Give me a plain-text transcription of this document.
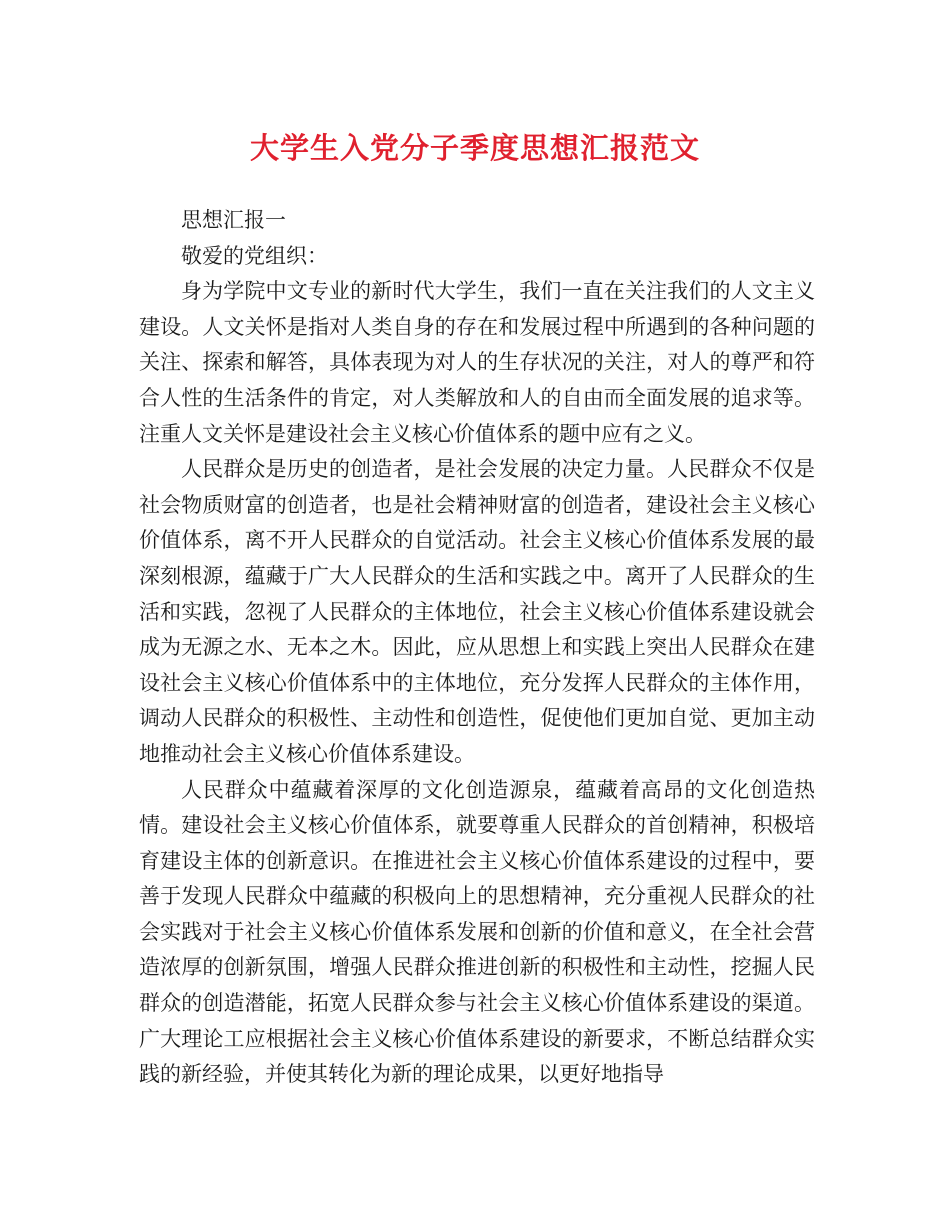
大学生入党分子季度思想汇报范文

思想汇报一

敬爱的党组织：

身为学院中文专业的新时代大学生，我们一直在关注我们的人文主义建设。人文关怀是指对人类自身的存在和发展过程中所遇到的各种问题的关注、探索和解答，具体表现为对人的生存状况的关注，对人的尊严和符合人性的生活条件的肯定，对人类解放和人的自由而全面发展的追求等。注重人文关怀是建设社会主义核心价值体系的题中应有之义。

人民群众是历史的创造者，是社会发展的决定力量。人民群众不仅是社会物质财富的创造者，也是社会精神财富的创造者，建设社会主义核心价值体系，离不开人民群众的自觉活动。社会主义核心价值体系发展的最深刻根源，蕴藏于广大人民群众的生活和实践之中。离开了人民群众的生活和实践，忽视了人民群众的主体地位，社会主义核心价值体系建设就会成为无源之水、无本之木。因此，应从思想上和实践上突出人民群众在建设社会主义核心价值体系中的主体地位，充分发挥人民群众的主体作用，调动人民群众的积极性、主动性和创造性，促使他们更加自觉、更加主动地推动社会主义核心价值体系建设。

人民群众中蕴藏着深厚的文化创造源泉，蕴藏着高昂的文化创造热情。建设社会主义核心价值体系，就要尊重人民群众的首创精神，积极培育建设主体的创新意识。在推进社会主义核心价值体系建设的过程中，要善于发现人民群众中蕴藏的积极向上的思想精神，充分重视人民群众的社会实践对于社会主义核心价值体系发展和创新的价值和意义，在全社会营造浓厚的创新氛围，增强人民群众推进创新的积极性和主动性，挖掘人民群众的创造潜能，拓宽人民群众参与社会主义核心价值体系建设的渠道。广大理论工应根据社会主义核心价值体系建设的新要求，不断总结群众实践的新经验，并使其转化为新的理论成果，以更好地指导
